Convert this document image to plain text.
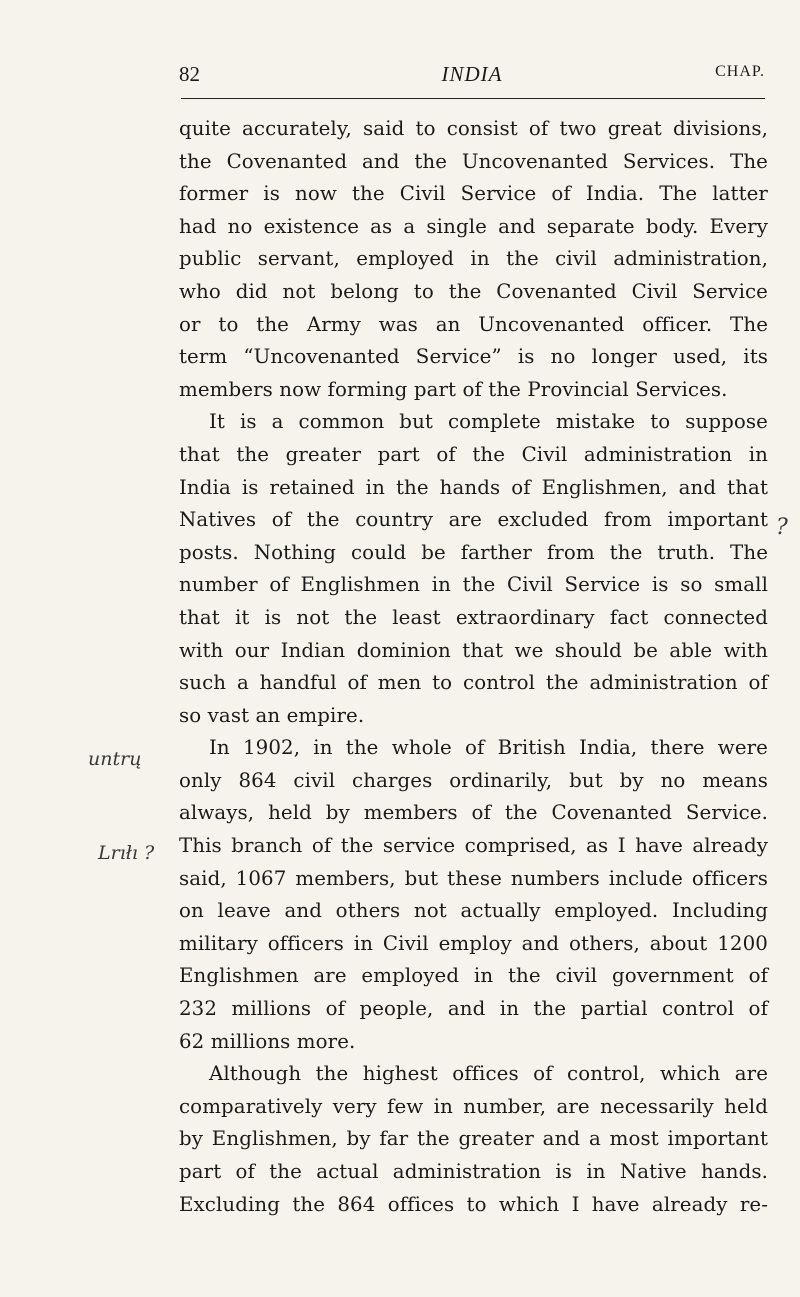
82	INDIA	CHAP.
quite accurately, said to consist of two great divisions,
the Covenanted and the Uncovenanted Services. The
former is now the Civil Service of India. The latter
had no existence as a single and separate body. Every
public servant, employed in the civil administration,
who did not belong to the Covenanted Civil Service
or to the Army was an Uncovenanted officer. The
term “Uncovenanted Service” is no longer used, its
members now forming part of the Provincial Services.
It is a common but complete mistake to suppose
that the greater part of the Civil administration in
India is retained in the hands of Englishmen, and that
Natives of the country are excluded from important
posts. Nothing could be farther from the truth. The
number of Englishmen in the Civil Service is so small
that it is not the least extraordinary fact connected
with our Indian dominion that we should be able with
such a handful of men to control the administration of
so vast an empire.
In 1902, in the whole of British India, there were
only 864 civil charges ordinarily, but by no means
always, held by members of the Covenanted Service.
This branch of the service comprised, as I have already
said, 1067 members, but these numbers include officers
on leave and others not actually employed. Including
military officers in Civil employ and others, about 1200
Englishmen are employed in the civil government of
232 millions of people, and in the partial control of
62 millions more.
Although the highest offices of control, which are
comparatively very few in number, are necessarily held
by Englishmen, by far the greater and a most important
part of the actual administration is in Native hands.
Excluding the 864 offices to which I have already re-
?
untrų
Lrıłı ?
